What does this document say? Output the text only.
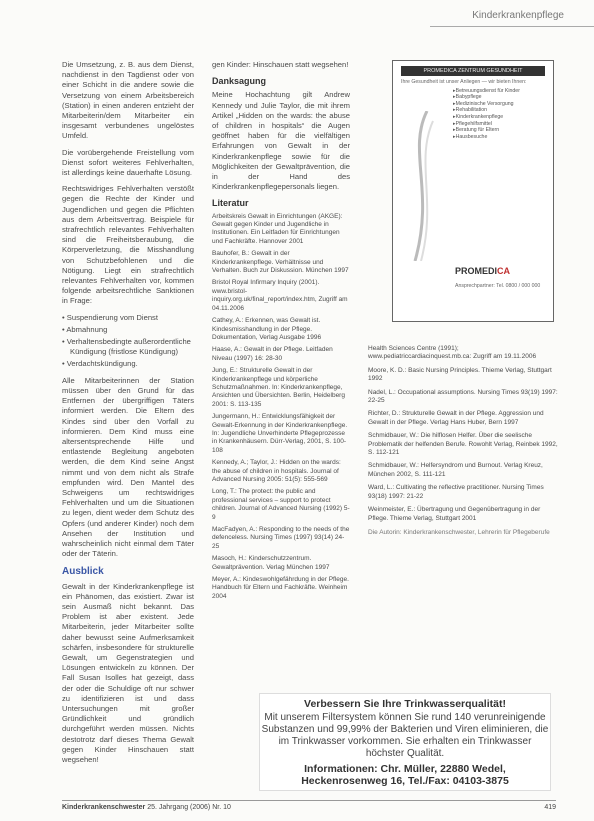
Kinderkrankenpflege

Die Umsetzung, z. B. aus dem Dienst, nachdienst in den Tagdienst oder von einer Schicht in die andere sowie die Versetzung von einem Arbeitsbereich (Station) in einen anderen entzieht der Mitarbeiterin/dem Mitarbeiter ein insgesamt verbundenes ungelöstes Umfeld.

Die vorübergehende Freistellung vom Dienst sofort weiteres Fehlverhalten, ist allerdings keine dauerhafte Lösung.

Rechtswidriges Fehlverhalten verstößt gegen die Rechte der Kinder und Jugendlichen und gegen die Pflichten aus dem Arbeitsvertrag. Beispiele für strafrechtlich relevantes Fehlverhalten sind die Freiheitsberaubung, die Körperverletzung, die Misshandlung von Schutzbefohlenen und die Nötigung. Liegt ein strafrechtlich relevantes Fehlverhalten vor, kommen folgende arbeitsrechtliche Sanktionen in Frage:

• Suspendierung vom Dienst
• Abmahnung
• Verhaltensbedingte außerordentliche Kündigung (fristlose Kündigung)
• Verdachtskündigung.

Alle Mitarbeiterinnen der Station müssen über den Grund für das Entfernen der übergriffigen Täters informiert werden. Die Eltern des Kindes sind über den Vorfall zu informieren. Dem Kind muss eine altersentsprechende Hilfe und entlastende Begleitung angeboten werden, die dem Kind seine Angst nimmt und von dem nicht als Strafe empfunden wird. Den Mantel des Schweigens um rechtswidriges Fehlverhalten und um die Situationen zu legen, dient weder dem Schutz des Opfers (und anderer Kinder) noch dem Ansehen der Institution und wahrscheinlich nicht einmal dem Täter oder der Täterin.

Ausblick

Gewalt in der Kinderkrankenpflege ist ein Phänomen, das existiert. Zwar ist sein Ausmaß nicht bekannt. Das Problem ist aber existent. Jede Mitarbeiterin, jeder Mitarbeiter sollte daher bewusst seine Aufmerksamkeit schärfen, insbesondere für strukturelle Gewalt, um Gegenstrategien und Lösungen entwickeln zu können. Der Fall Susan Isolles hat gezeigt, dass der oder die Schuldige oft nur schwer zu identifizieren ist und dass Untersuchungen mit großer Gründlichkeit und gründlich durchgeführt werden müssen. Nichts destotrotz darf dieses Thema Gewalt gegen Kinder Hinschauen statt wegsehen!

gen Kinder: Hinschauen statt wegsehen!

Danksagung

Meine Hochachtung gilt Andrew Kennedy und Julie Taylor, die mit ihrem Artikel „Hidden on the wards: the abuse of children in hospitals“ die Augen geöffnet haben für die vielfältigen Erfahrungen von Gewalt in der Kinderkrankenpflege sowie für die Möglichkeiten der Gewaltprävention, die in der Hand des Kinderkrankenpflegepersonals liegen.

Literatur

Arbeitskreis Gewalt in Einrichtungen (AKGE): Gewalt gegen Kinder und Jugendliche in Institutionen. Ein Leitfaden für Einrichtungen und Fachkräfte. Hannover 2001

Bauhofer, B.: Gewalt in der Kinderkrankenpflege. Verhältnisse und Verhalten. Buch zur Diskussion. München 1997

Bristol Royal Infirmary Inquiry (2001). www.bristol-inquiry.org.uk/final_report/index.htm, Zugriff am 04.11.2006

Cathey, A.: Erkennen, was Gewalt ist. Kindesmisshandlung in der Pflege. Dokumentation, Verlag Ausgabe 1996

Haase, A.: Gewalt in der Pflege. Leitfaden Niveau (1997) 16: 28-30

Jung, E.: Strukturelle Gewalt in der Kinderkrankenpflege und körperliche Schutzmaßnahmen. In: Kinderkrankenpflege, Ansichten und Übersichten. Berlin, Heidelberg 2001: S. 113-135

Jungermann, H.: Entwicklungsfähigkeit der Gewalt-Erkennung in der Kinderkrankenpflege. In: Jugendliche Unverhinderte Pflegeprozesse in Krankenhäusern. Dürr-Verlag, 2001, S. 100-108

Kennedy, A.; Taylor, J.: Hidden on the wards: the abuse of children in hospitals. Journal of Advanced Nursing 2005: 51(5): 555-569

Long, T.: The protect: the public and professional services – support to protect children. Journal of Advanced Nursing (1992) 5-9

MacFadyen, A.: Responding to the needs of the defenceless. Nursing Times (1997) 93(14) 24-25

Masoch, H.: Kinderschutzzentrum. Gewaltprävention. Verlag München 1997

Meyer, A.: Kindeswohlgefährdung in der Pflege. Handbuch für Eltern und Fachkräfte. Weinheim 2004

PROMEDICA ZENTRUM GESUNDHEIT
Ihre Gesundheit ist unser Anliegen — wir bieten Ihnen:
▸ Betreuungsdienst für Kinder
▸ Babypflege
▸ Medizinische Versorgung
▸ Rehabilitation
▸ Kinderkrankenpflege
▸ Pflegehilfsmittel
▸ Beratung für Eltern
▸ Hausbesuche
PROMEDICA
Ansprechpartner: Tel. 0800 / 000 000

Health Sciences Centre (1991); www.pediatriccardiacinquest.mb.ca: Zugriff am 19.11.2006

Moore, K. D.: Basic Nursing Principles. Thieme Verlag, Stuttgart 1992

Nadel, L.: Occupational assumptions. Nursing Times 93(19) 1997: 22-25

Richter, D.: Strukturelle Gewalt in der Pflege. Aggression und Gewalt in der Pflege. Verlag Hans Huber, Bern 1997

Schmidbauer, W.: Die hilflosen Helfer. Über die seelische Problematik der helfenden Berufe. Rowohlt Verlag, Reinbek 1992, S. 112-121

Schmidbauer, W.: Helfersyndrom und Burnout. Verlag Kreuz, München 2002, S. 111-121

Ward, L.: Cultivating the reflective practitioner. Nursing Times 93(18) 1997: 21-22

Weinmeister, E.: Übertragung und Gegenübertragung in der Pflege. Thieme Verlag, Stuttgart 2001

Die Autorin: Kinderkrankenschwester, Lehrerin für Pflegeberufe

Verbessern Sie Ihre Trinkwasserqualität!
Mit unserem Filtersystem können Sie rund 140 verunreinigende Substanzen und 99,99% der Bakterien und Viren eliminieren, die im Trinkwasser vorkommen. Sie erhalten ein Trinkwasser höchster Qualität.
Informationen: Chr. Müller, 22880 Wedel, Heckenrosenweg 16, Tel./Fax: 04103-3875
Kinderkrankenschwester 25. Jahrgang (2006) Nr. 10	419
